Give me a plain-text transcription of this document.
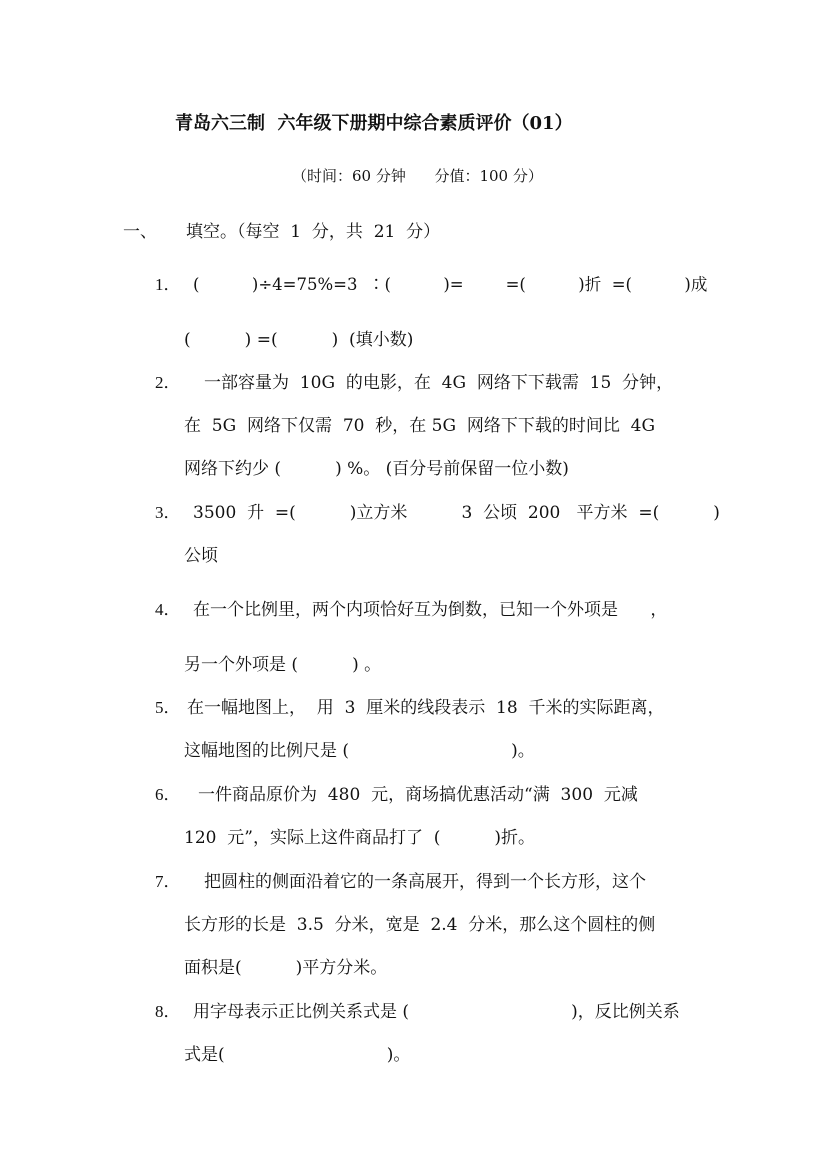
青岛六三制  六年级下册期中综合素质评价（01）
（时间：60 分钟      分值：100 分）
一、 填空。（每空  1  分，共  21  分）
1． (          )÷4=75%=3  ∶(          )=        =(          )折  =(          )成
(          ) =(          )  (填小数)
2． 一部容量为  10G  的电影，在  4G  网络下下载需  15  分钟，
在  5G  网络下仅需  70  秒，在 5G  网络下下载的时间比  4G
网络下约少 (          ) %。 (百分号前保留一位小数)
3． 3500  升  =(          )立方米          3  公顷  200   平方米  =(          )
公顷
4． 在一个比例里，两个内项恰好互为倒数，已知一个外项是      ，
另一个外项是 (          ) 。
5． 在一幅地图上，  用  3  厘米的线段表示  18  千米的实际距离，
这幅地图的比例尺是 (                              )。
6． 一件商品原价为  480  元，商场搞优惠活动“满  300  元减
120  元”，实际上这件商品打了  (          )折。
7． 把圆柱的侧面沿着它的一条高展开，得到一个长方形，这个
长方形的长是  3.5  分米，宽是  2.4  分米，那么这个圆柱的侧
面积是(          )平方分米。
8． 用字母表示正比例关系式是 (                              )，反比例关系
式是(                              )。
